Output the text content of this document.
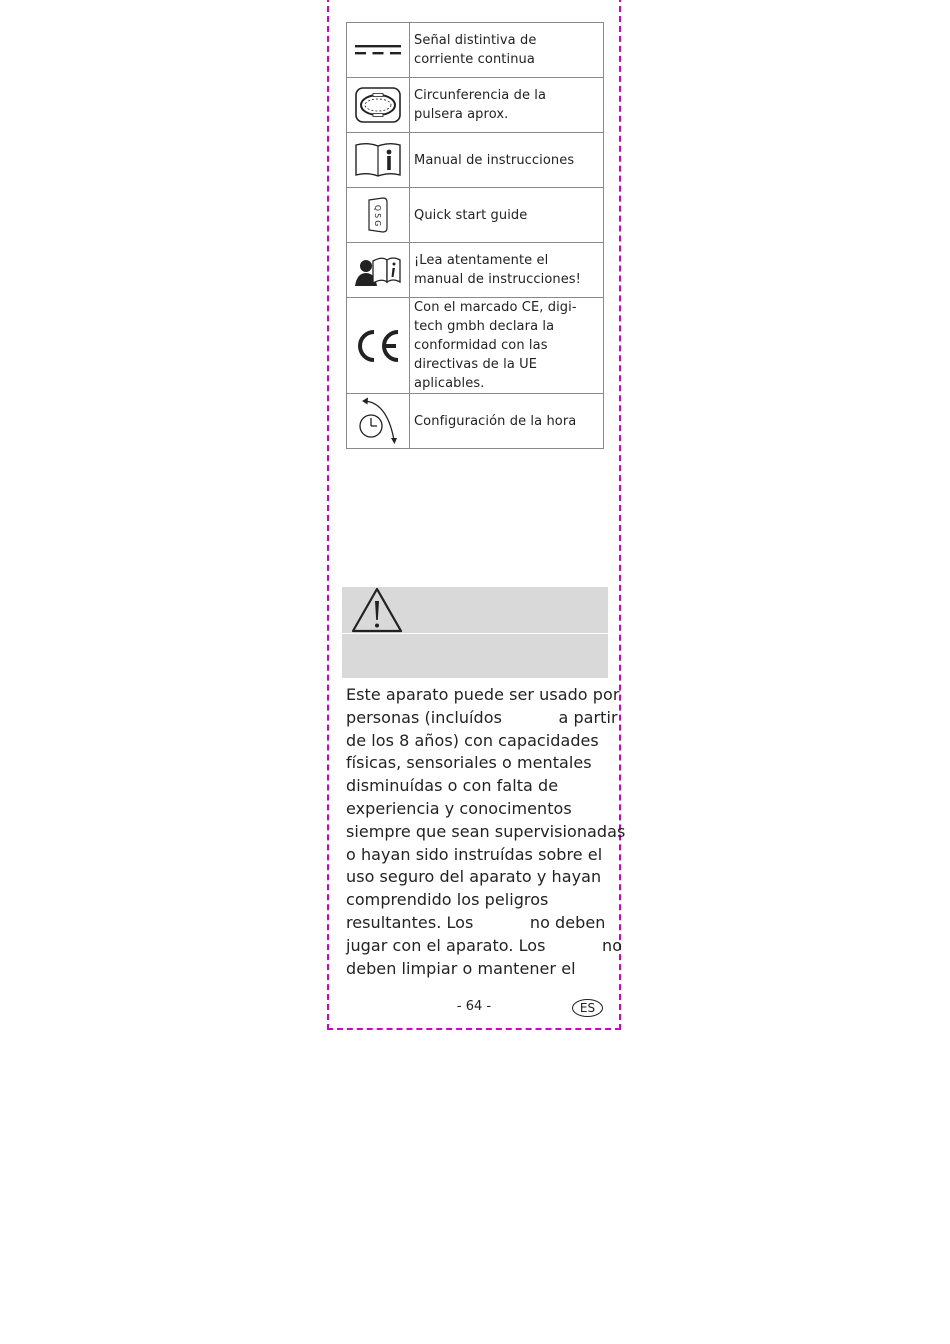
	Señal distintiva de corriente continua

	Circunferencia de la pulsera aprox.

	Manual de instrucciones

Q S G	Quick start guide

	¡Lea atentamente el manual de instrucciones!

	Con el marcado CE, digi-tech gmbh declara la conformidad con las directivas de la UE aplicables.

	Configuración de la hora
Este aparato puede ser usado por
personas (incluídos           a partir
de los 8 años) con capacidades
físicas, sensoriales o mentales
disminuídas o con falta de
experiencia y conocimentos
siempre que sean supervisionadas
o hayan sido instruídas sobre el
uso seguro del aparato y hayan
comprendido los peligros
resultantes. Los           no deben
jugar con el aparato. Los           no
deben limpiar o mantener el
- 64 -	ES
